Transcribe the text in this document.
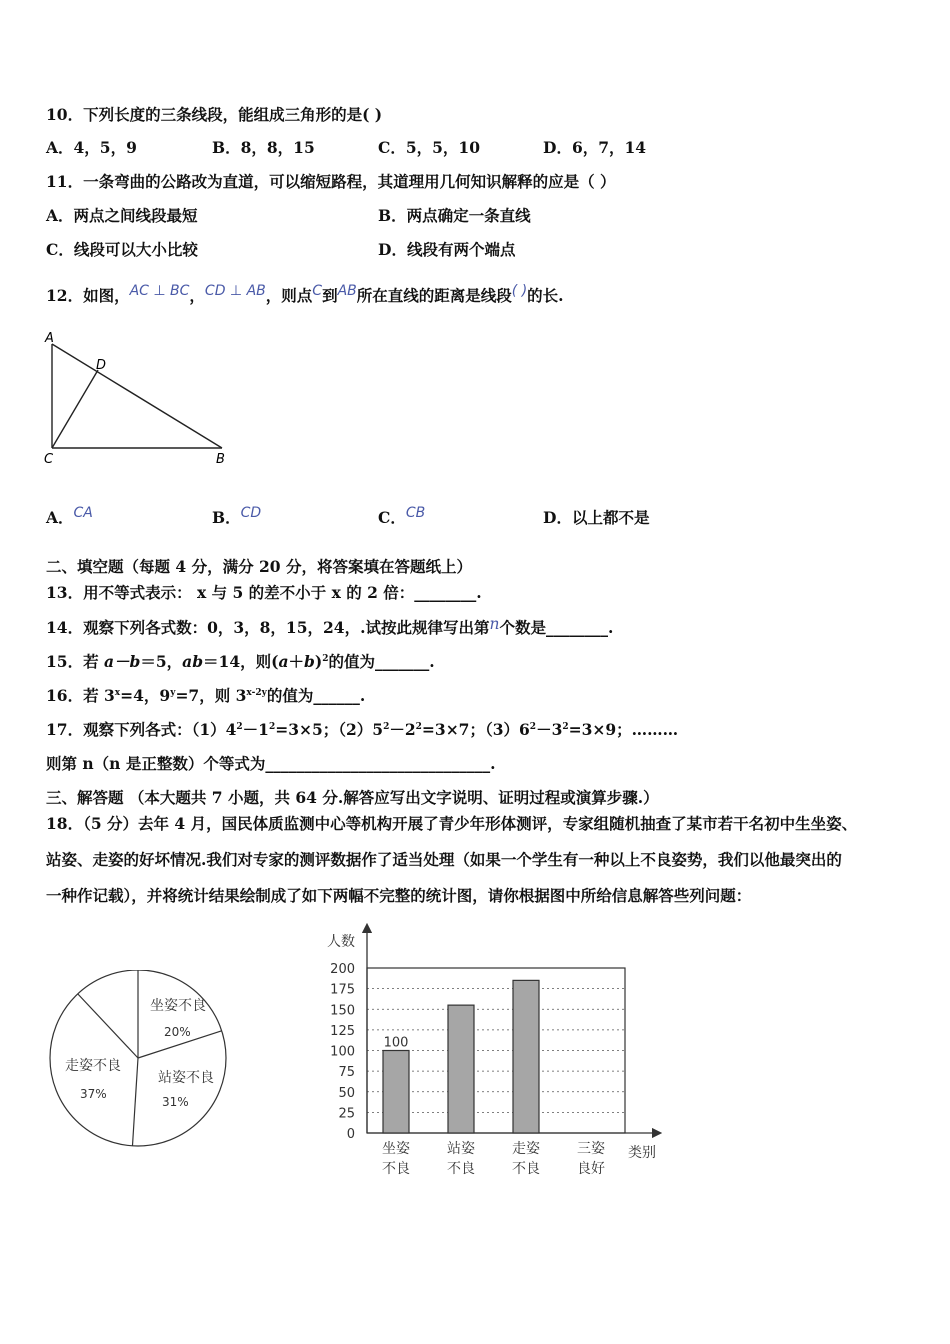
10．下列长度的三条线段，能组成三角形的是( )
A．4，5，9	B．8，8，15	C．5，5，10	D．6，7，14
11．一条弯曲的公路改为直道，可以缩短路程，其道理用几何知识解释的应是（ ）
A．两点之间线段最短	B．两点确定一条直线
C．线段可以大小比较	D．线段有两个端点
12．如图，AC ⊥ BC，CD ⊥ AB，则点C到AB所在直线的距离是线段( )的长.
A
D
C	B
A．CA	B．CD	C．CB	D．以上都不是
二、填空题（每题 4 分，满分 20 分，将答案填在答题纸上）
13．用不等式表示： x 与 5 的差不小于 x 的 2 倍：________.
14．观察下列各式数：0，3，8，15，24，.试按此规律写出第n个数是________.
15．若 a－b＝5，ab＝14，则$(a+b)^2$的值为_______.
16．若 $3^x=4$，$9^y=7$，则 $3^{x-2y}$的值为______.
17．观察下列各式：$(1)4^2-1^2=3\times 5$；$(2)5^2-2^2=3\times 7$；$(3)6^2-3^2=3\times 9$；………
则第 n（n 是正整数）个等式为_____________________________.
三、解答题 （本大题共 7 小题，共 64 分.解答应写出文字说明、证明过程或演算步骤.）
18．（5 分）去年 4 月，国民体质监测中心等机构开展了青少年形体测评，专家组随机抽查了某市若干名初中生坐姿、
站姿、走姿的好坏情况.我们对专家的测评数据作了适当处理（如果一个学生有一种以上不良姿势，我们以他最突出的
一种作记载），并将统计结果绘制成了如下两幅不完整的统计图，请你根据图中所给信息解答些列问题：
坐姿不良
20%
站姿不良
31%
走姿不良
37%
0
25
50
75
100
125
150
175
200
100
坐姿
不良
站姿
不良
走姿
不良
三姿
良好
人数
类别
